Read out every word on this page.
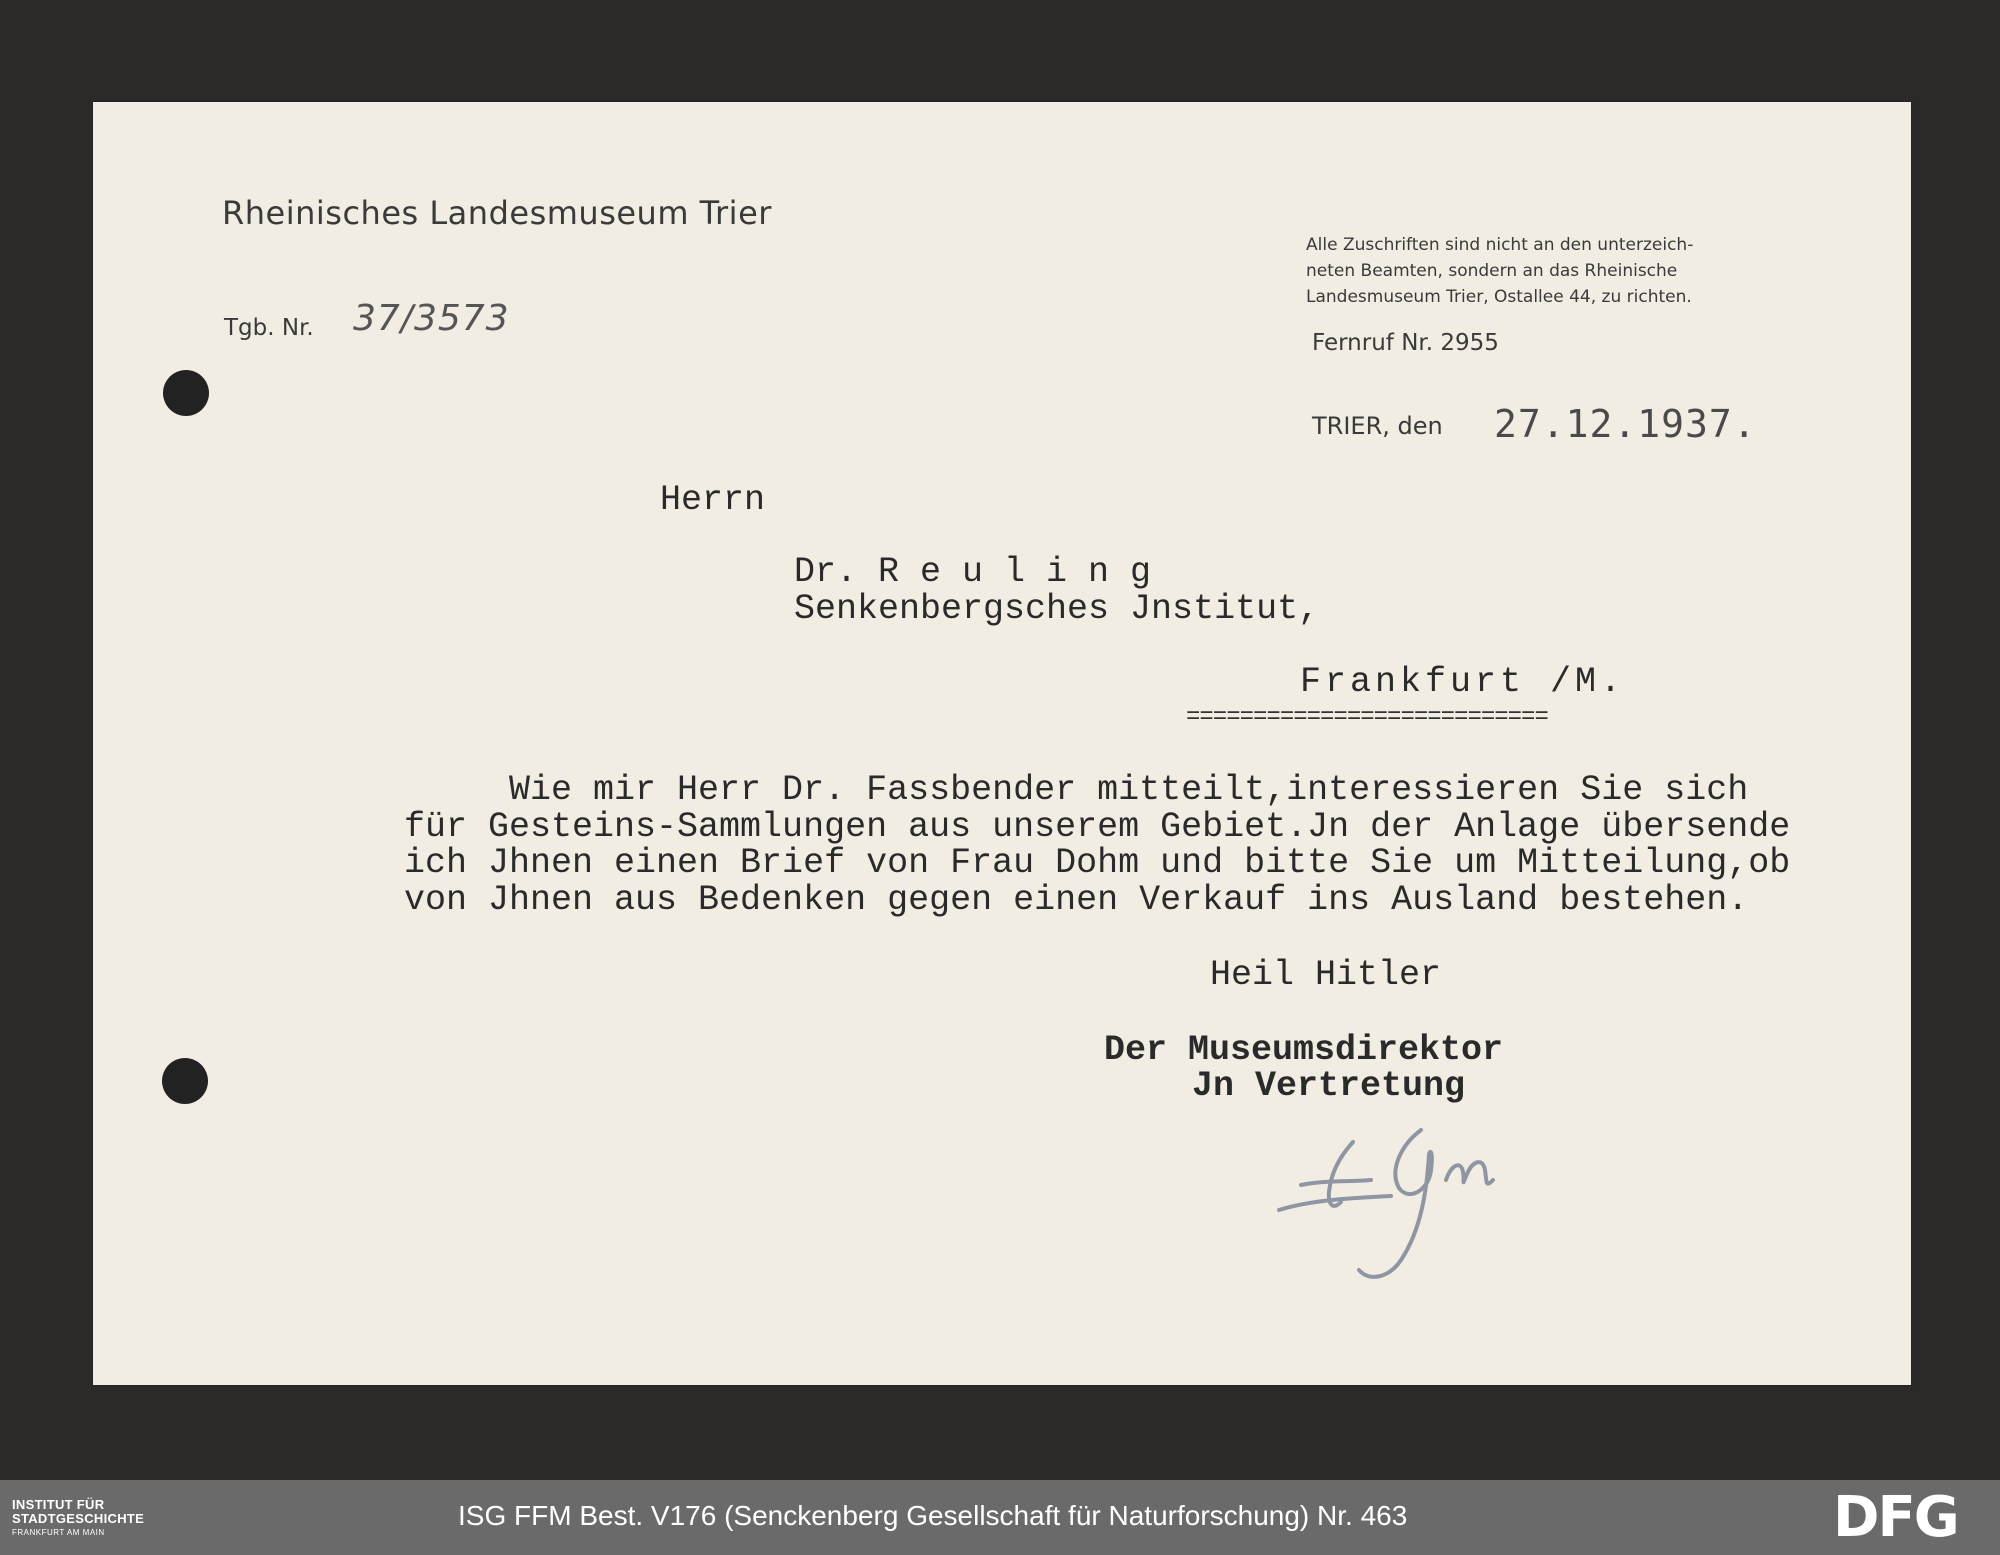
Rheinisches Landesmuseum Trier
Tgb. Nr. 37/3573
Alle Zuschriften sind nicht an den unterzeich-
neten Beamten, sondern an das Rheinische
Landesmuseum Trier, Ostallee 44, zu richten.
Fernruf Nr. 2955
TRIER, den 27.12.1937.
Herrn
Dr. R e u l i n g
Senkenbergsches Jnstitut,
Frankfurt /M.
===========================
Wie mir Herr Dr. Fassbender mitteilt,interessieren Sie sich
für Gesteins-Sammlungen aus unserem Gebiet.Jn der Anlage übersende
ich Jhnen einen Brief von Frau Dohm und bitte Sie um Mitteilung,ob
von Jhnen aus Bedenken gegen einen Verkauf ins Ausland bestehen.
Heil Hitler
Der Museumsdirektor
Jn Vertretung
INSTITUT FÜR
STADTGESCHICHTE
FRANKFURT AM MAIN
ISG FFM Best. V176 (Senckenberg Gesellschaft für Naturforschung) Nr. 463	DFG
